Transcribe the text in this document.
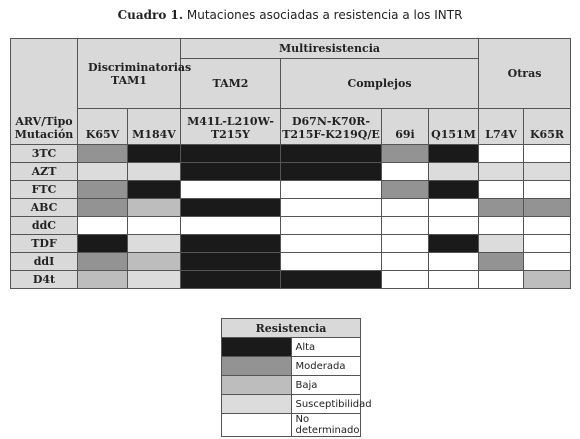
Cuadro 1. Mutaciones asociadas a resistencia a los INTR
ARV/Tipo Mutación	Discriminatorias TAM1		Multiresistencia				Otras	
			TAM2	Complejos				
	K65V	M184V	M41L-L210W-T215Y	D67N-K70R-T215F-K219Q/E	69i	Q151M	L74V	K65R
3TC								
AZT								
FTC								
ABC								
ddC								
TDF								
ddI								
D4t								
Resistencia	
	Alta
	Moderada
	Baja
	Susceptibilidad
	No determinado
